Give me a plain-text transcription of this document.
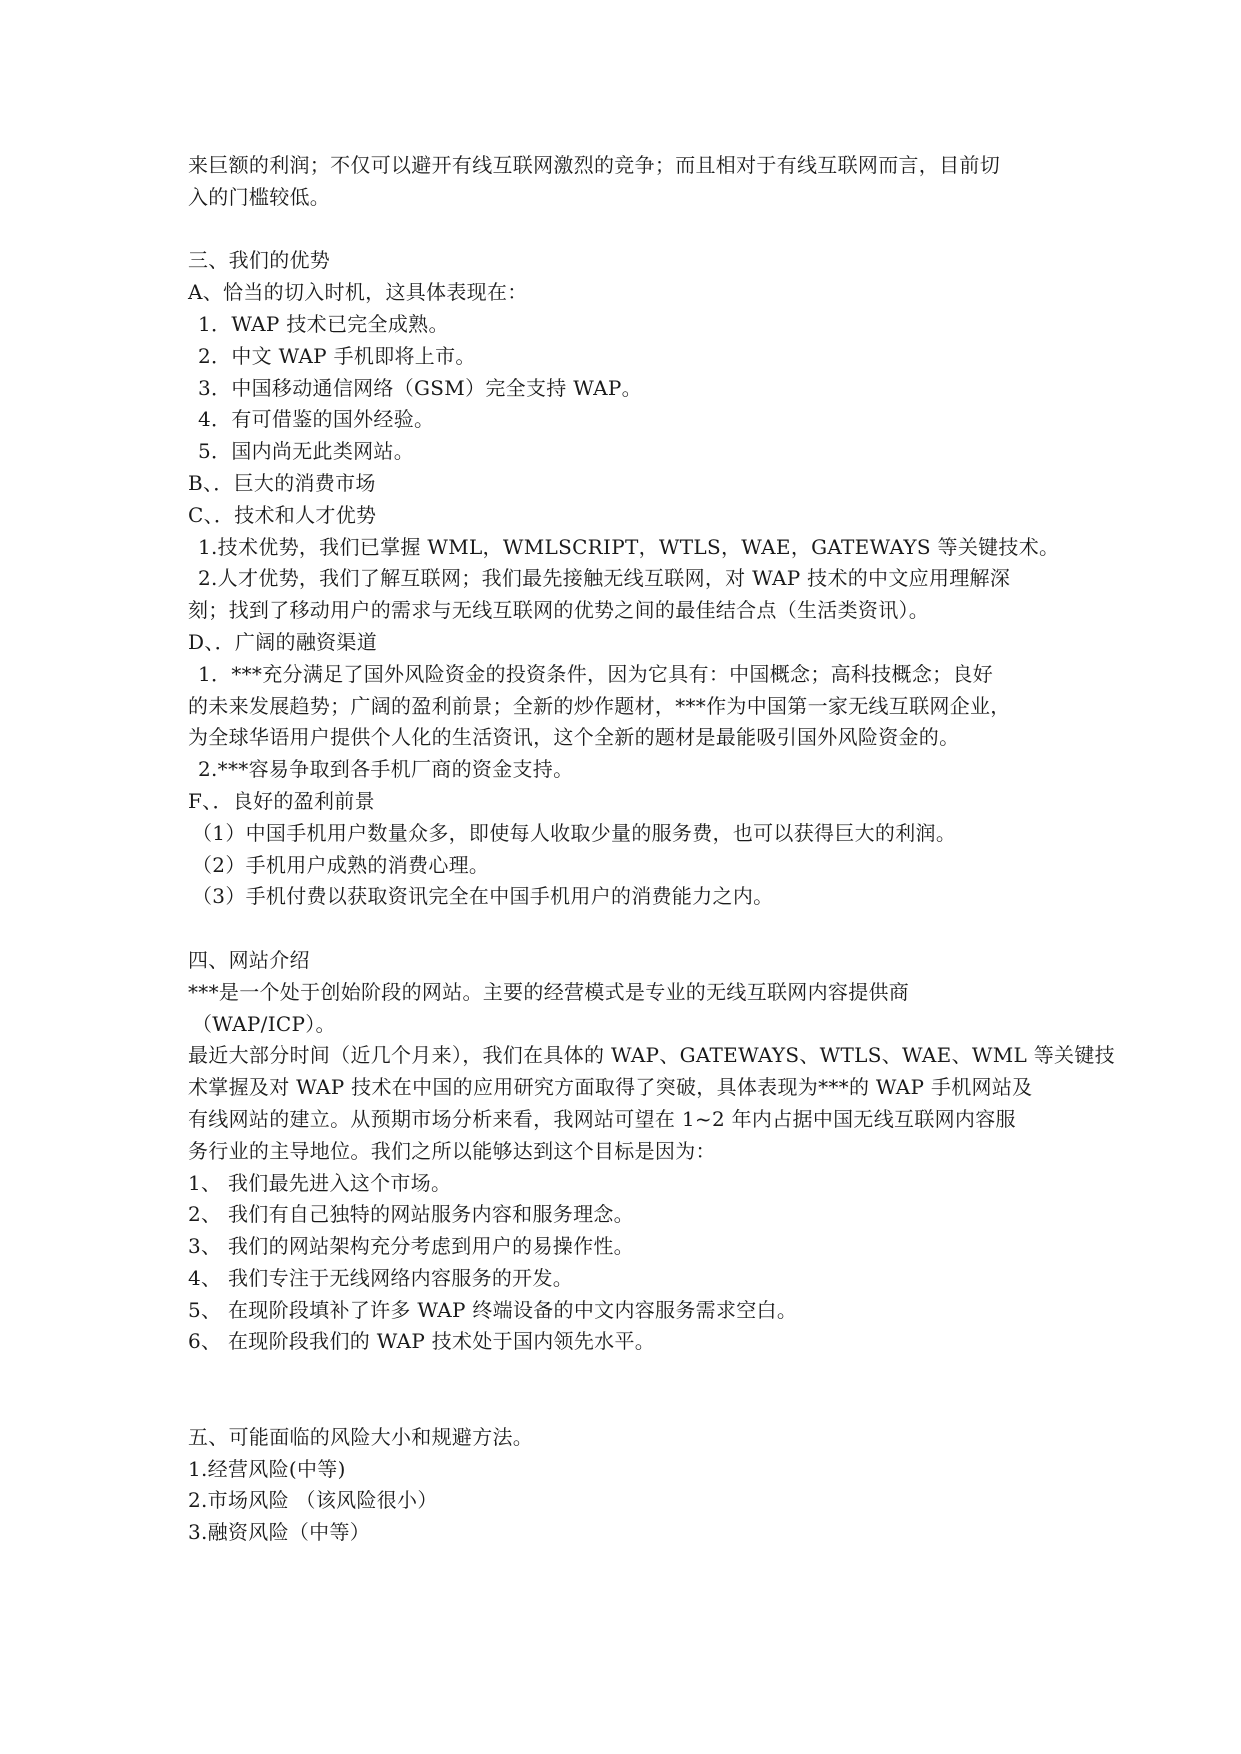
来巨额的利润；不仅可以避开有线互联网激烈的竞争；而且相对于有线互联网而言，目前切
入的门槛较低。
三、我们的优势
A、恰当的切入时机，这具体表现在：
1．WAP 技术已完全成熟。
2．中文 WAP 手机即将上市。
3．中国移动通信网络（GSM）完全支持 WAP。
4．有可借鉴的国外经验。
5．国内尚无此类网站。
B、．巨大的消费市场
C、．技术和人才优势
1.技术优势，我们已掌握 WML，WMLSCRIPT，WTLS，WAE，GATEWAYS 等关键技术。
2.人才优势，我们了解互联网；我们最先接触无线互联网，对 WAP 技术的中文应用理解深
刻；找到了移动用户的需求与无线互联网的优势之间的最佳结合点（生活类资讯）。
D、．广阔的融资渠道
1．***充分满足了国外风险资金的投资条件，因为它具有：中国概念；高科技概念；良好
的未来发展趋势；广阔的盈利前景；全新的炒作题材，***作为中国第一家无线互联网企业，
为全球华语用户提供个人化的生活资讯，这个全新的题材是最能吸引国外风险资金的。
2.***容易争取到各手机厂商的资金支持。
F、．良好的盈利前景
（1）中国手机用户数量众多，即使每人收取少量的服务费，也可以获得巨大的利润。
（2）手机用户成熟的消费心理。
（3）手机付费以获取资讯完全在中国手机用户的消费能力之内。
四、网站介绍
***是一个处于创始阶段的网站。主要的经营模式是专业的无线互联网内容提供商
（WAP/ICP）。
最近大部分时间（近几个月来），我们在具体的 WAP、GATEWAYS、WTLS、WAE、WML 等关键技
术掌握及对 WAP 技术在中国的应用研究方面取得了突破，具体表现为***的 WAP 手机网站及
有线网站的建立。从预期市场分析来看，我网站可望在 1~2 年内占据中国无线互联网内容服
务行业的主导地位。我们之所以能够达到这个目标是因为：
1、 我们最先进入这个市场。
2、 我们有自己独特的网站服务内容和服务理念。
3、 我们的网站架构充分考虑到用户的易操作性。
4、 我们专注于无线网络内容服务的开发。
5、 在现阶段填补了许多 WAP 终端设备的中文内容服务需求空白。
6、 在现阶段我们的 WAP 技术处于国内领先水平。
五、可能面临的风险大小和规避方法。
1.经营风险(中等)
2.市场风险 （该风险很小）
3.融资风险（中等）
